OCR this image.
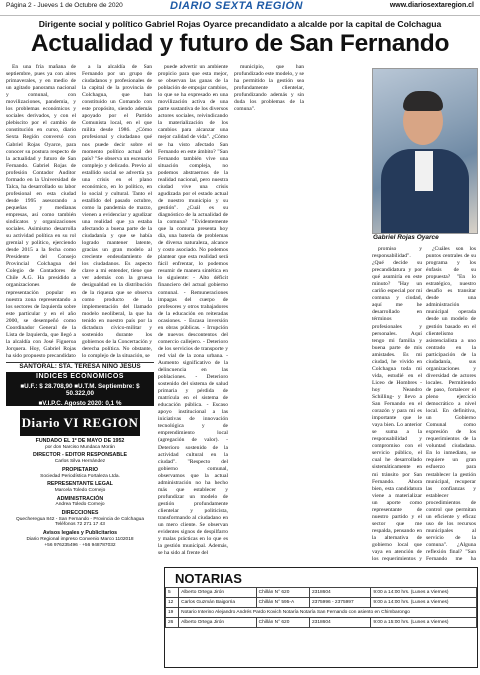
Página 2 - Jueves 1 de Octubre de 2020	DIARIO SEXTA REGIÓN	www.diariosextaregion.cl
Dirigente social y político Gabriel Rojas Oyarce precandidato a alcalde por la capital de Colchagua
Actualidad y futuro de San Fernando

En una fría mañana de septiembre, pues ya con aires primaverales, y en medio de un agitado panorama nacional y comunal, con movilizaciones, pandemia, y los problemas económicos y sociales derivados, y con el plebiscito por el cambio de constitución en curso, diario Sexta Región conversó con Gabriel Rojas Oyarce, para conocer su postura respecto de la actualidad y futuro de San Fernando. Gabriel Rojas de profesión Contador Auditor formado en la Universidad de Talca, ha desarrollado su labor profesional en esta ciudad desde 1995 asesorando a pequeñas y medianas empresas, así como también sindicatos y organizaciones sociales. Asimismo desarrolla su actividad política en su rol gremial y político, ejerciendo desde 2015 a la fecha como Presidente del Consejo Provincial Colchagua del Colegio de Contadores de Chile A.G. Ha presidido a organizaciones de representación popular en nuestra zona representando a los sectores de Izquierda sobre este particular y en el año 2000, se desempeñó como Coordinador General de la Lista de Izquierda, que llegó a la alcaldía con José Figueroa Jorquera. Hoy, Gabriel Rojas ha sido propuesto precandidato

a la alcaldía de San Fernando por un grupo de ciudadanos y profesionales de la capital de la provincia de Colchagua, que han constituido un Comando con este propósito, siendo además apoyado por el Partido Comunista local, en el que milita desde 1986. ¿Cómo profesional y ciudadano qué nos puede decir sobre el momento político actual del país? "Se observa un escenario complejo y delicado. Previo al estallido social se advertía ya una crisis en el plano económico, en lo político, en lo social y cultural. Tanto el estallido del pasado octubre, como la pandemia de marzo, vienen a evidenciar y agudizar una realidad que ya estaba afectando a buena parte de la ciudadanía y que se había logrado mantener latente, gracias un gran modelo al creciente endeudamiento de los ciudadanos. Es aspecto clave a mi entender, tiene que ver además con la gruesa desigualdad en la distribución de la riqueza que se observa como producto de la implementación del llamado modelo neoliberal, la que ha tenido en nuestro país por la dictadura cívico-militar y sostenido durante los gobiernos de la Concertación y derecha política. No obstante, lo complejo de la situación, se

puede advertir un ambiente propicio para que esta mejor, se observan las ganas de la población de empujar cambios, lo que se ha expresado en una movilización activa de una parte sustantiva de los diversos actores sociales, reivindicando la materialización de los cambios para alcanzar una mejor calidad de vida". ¿Cómo se ha visto afectado San Fernando en este ámbito? "San Fernando también vive una situación compleja, no podemos abstraernos de la realidad nacional, pero nuestra ciudad vive una crisis agudizada por el estado actual de nuestro municipio y su gestión". ¿Cuál es su diagnóstico de la actualidad de la comuna? "Evidentemente que la comuna presenta hoy día, una batería de problemas de diversa naturaleza, alcance y costo asociado. No podemos plantear que esta realidad será fácil enfrentar, lo podemos resumir de manera sintética en lo siguiente: - Alto déficit financiero del actual gobierno comunal. - Remuneraciones impagas del cuerpo de profesores y otros trabajadores de la educación en reiteradas ocasiones. - Escasa inversión en obras públicas. - Irrupción de nuevos descontentos del comercio callejero. - Deterioro de los servicios de transporte y red vial de la zona urbana. - Aumento significativo de la delincuencia en las poblaciones. - Deterioro sostenido del sistema de salud primaria y pérdida de matrícula en el sistema de educación pública. - Escaso apoyo institucional a las iniciativas de innovación tecnológica y de emprendimiento local (agregación de valor). - Deterioro sostenido de la actividad cultural en la ciudad". "Respecto del gobierno comunal, observamos que la actual administración no ha hecho más que establecer y profundizar un modelo de gestión profundamente clientelar y politicista, transformando al ciudadano en un mero cliente. Se observan evidentes signos de despilfarro y malas prácticas en lo que es la gestión municipal. Además, se ha sido al frente del

municipio, que han profundizado este modelo, y se ha permitido la gestión sea profundamente clientelar, profundizando además y sin duda los problemas de la comuna".

promiso y responsabilidad". ¿Qué decide su precandidatura y por qué asumiría en este minuto? "Hay un cariño especial por mi comuna y ciudad, aquí me he desarrollado en términos profesionales y personales. Aquí tengo mi familia y buena parte de mis amistades. Es mi ciudad, he vivido en Colchagua toda mi vida, estudié en el Liceo de Hombres -hoy Neandro Schilling- y llevo a San Fernando en el corazón y para mí es importante que le vaya bien. Lo anterior se suma a la responsabilidad y compromiso con el servicio público, el cual he desarrollado sistemáticamente en mi tránsito por San Fernando. Ahora bien, esta candidatura viene a materializar un aporte como representante de nuestro partido y el sector que me respalda, pensando en la alternativa de gobierno local que vaya en atención de los requerimientos y

¿Cuáles son los puntos centrales de su programa y los énfasis de su propuesta? "En lo estratégico, nuestro desafío es transitar desde una administración municipal operada desde un modelo de gestión basado en el clientelismo asistencialista a uno centrado en la participación de la ciudadanía, sus organizaciones y diversidad de actores locales. Permitiendo de paso, fortalecer el pleno ejercicio democrático a nivel local. En definitiva, un Gobierno Comunal como expresión de los requerimientos de la voluntad ciudadana. En lo inmediato, se requiere un gran esfuerzo para restablecer la gestión municipal, recuperar las confianzas y establecer procedimientos de control que permitan un eficiente y eficaz uso de los recursos municipales al servicio de la comuna". ¿Alguna reflexión final? "San Fernando me ha

Gabriel Rojas Oyarce
SANTORAL: STA. TERESA NIÑO JESÚS
INDICES ECONOMICOS
■U.F.: $ 28.708,90 ■U.T.M. Septiembre: $ 50.322,00
■V.I.P.C. Agosto 2020: 0,1 %
Diario VI REGION
FUNDADO EL 1º DE MAYO DE 1952
por don Narciso Mundaca Morán
DIRECTOR - EDITOR RESPONSABLE
Carlos Silva Hernández
PROPIETARIO
Sociedad Periodística Fortaleza Ltda.
REPRESENTANTE LEGAL
Marcela Toledo Cornejo
ADMINISTRACIÓN
Andrea Toledo Cornejo
DIRECCIONES
Quecheregua 842 - San Fernando - Provincia de Colchagua
Teléfonos 72 271 17 43
Avisos legales y Publicitarios
Diario Regional impreso Convenio Marco 1102018
+56 976235496 · +56 948787032
NOTARIAS
5	Alberto Ortega Jirón	Chillán N° 620	2318604	9:00 a 14:00 hrs. (Lunes a Viernes)
12	Carlos Guzmán Baigorria	Chillán N° 595-A	2375996 - 2375997	9:00 a 14:00 hrs. (Lunes a Viernes)
19	Notario Interino Alejandro Andrés Pardo Kovich Notaría Notaría San Fernando con asiento en Chimbarongo			
26	Alberto Ortega Jirón	Chillán N° 620	2318604	9:00 a 15:00 hrs. (Lunes a Viernes)
